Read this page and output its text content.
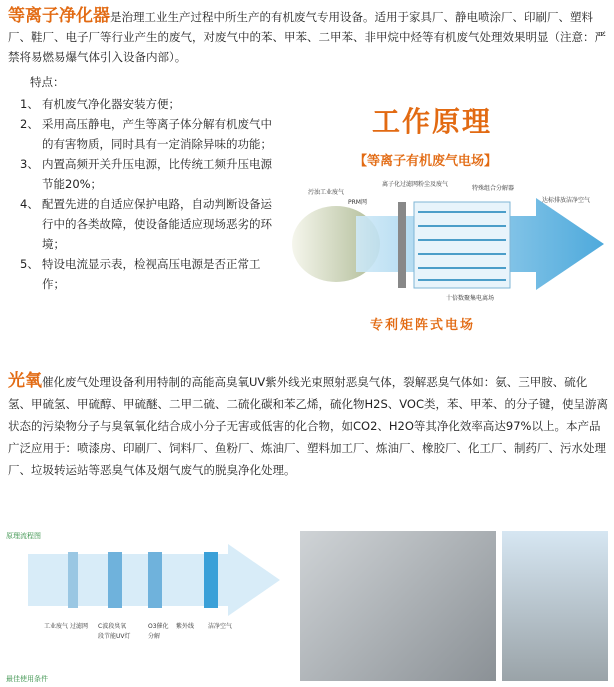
等离子净化器是治理工业生产过程中所生产的有机废气专用设备。适用于家具厂、静电喷涂厂、印刷厂、塑料厂、鞋厂、电子厂等行业产生的废气，对废气中的苯、甲苯、二甲苯、非甲烷中烃等有机废气处理效果明显（注意：严禁将易燃易爆气体引入设备内部）。
特点：
1、 有机废气净化器安装方便；
2、 采用高压静电，产生等离子体分解有机废气中的有害物质，同时具有一定消除异味的功能；
3、 内置高频开关升压电源，比传统工频升压电源节能20%；
4、 配置先进的自适应保护电路，自动判断设备运行中的各类故障，使设备能适应现场恶劣的环境；
5、 特设电流显示表，检视高压电源是否正常工作；
工作原理
【等离子有机废气电场】
污浊工业废气
离子化过滤网粉尘及废气
PRM网
特殊组合分解器
达标排放洁净空气
十倍数聚集电离场
专利矩阵式电场
光氧催化废气处理设备利用特制的高能高臭氧UV紫外线光束照射恶臭气体，裂解恶臭气体如：氨、三甲胺、硫化氢、甲硫氢、甲硫醇、甲硫醚、二甲二硫、二硫化碳和苯乙烯，硫化物H2S、VOC类，苯、甲苯、的分子键，使呈游离状态的污染物分子与臭氧氧化结合成小分子无害或低害的化合物，如CO2、H2O等其净化效率高达97%以上。本产品广泛应用于：喷漆房、印刷厂、饲料厂、鱼粉厂、炼油厂、塑料加工厂、炼油厂、橡胶厂、化工厂、制药厂、污水处理厂、垃圾转运站等恶臭气体及烟气废气的脱臭净化处理。
原理流程图
工业废气 过滤网 C波段臭氧
段节能UV灯
O3催化
分解
紫外线 洁净空气
最佳使用条件
